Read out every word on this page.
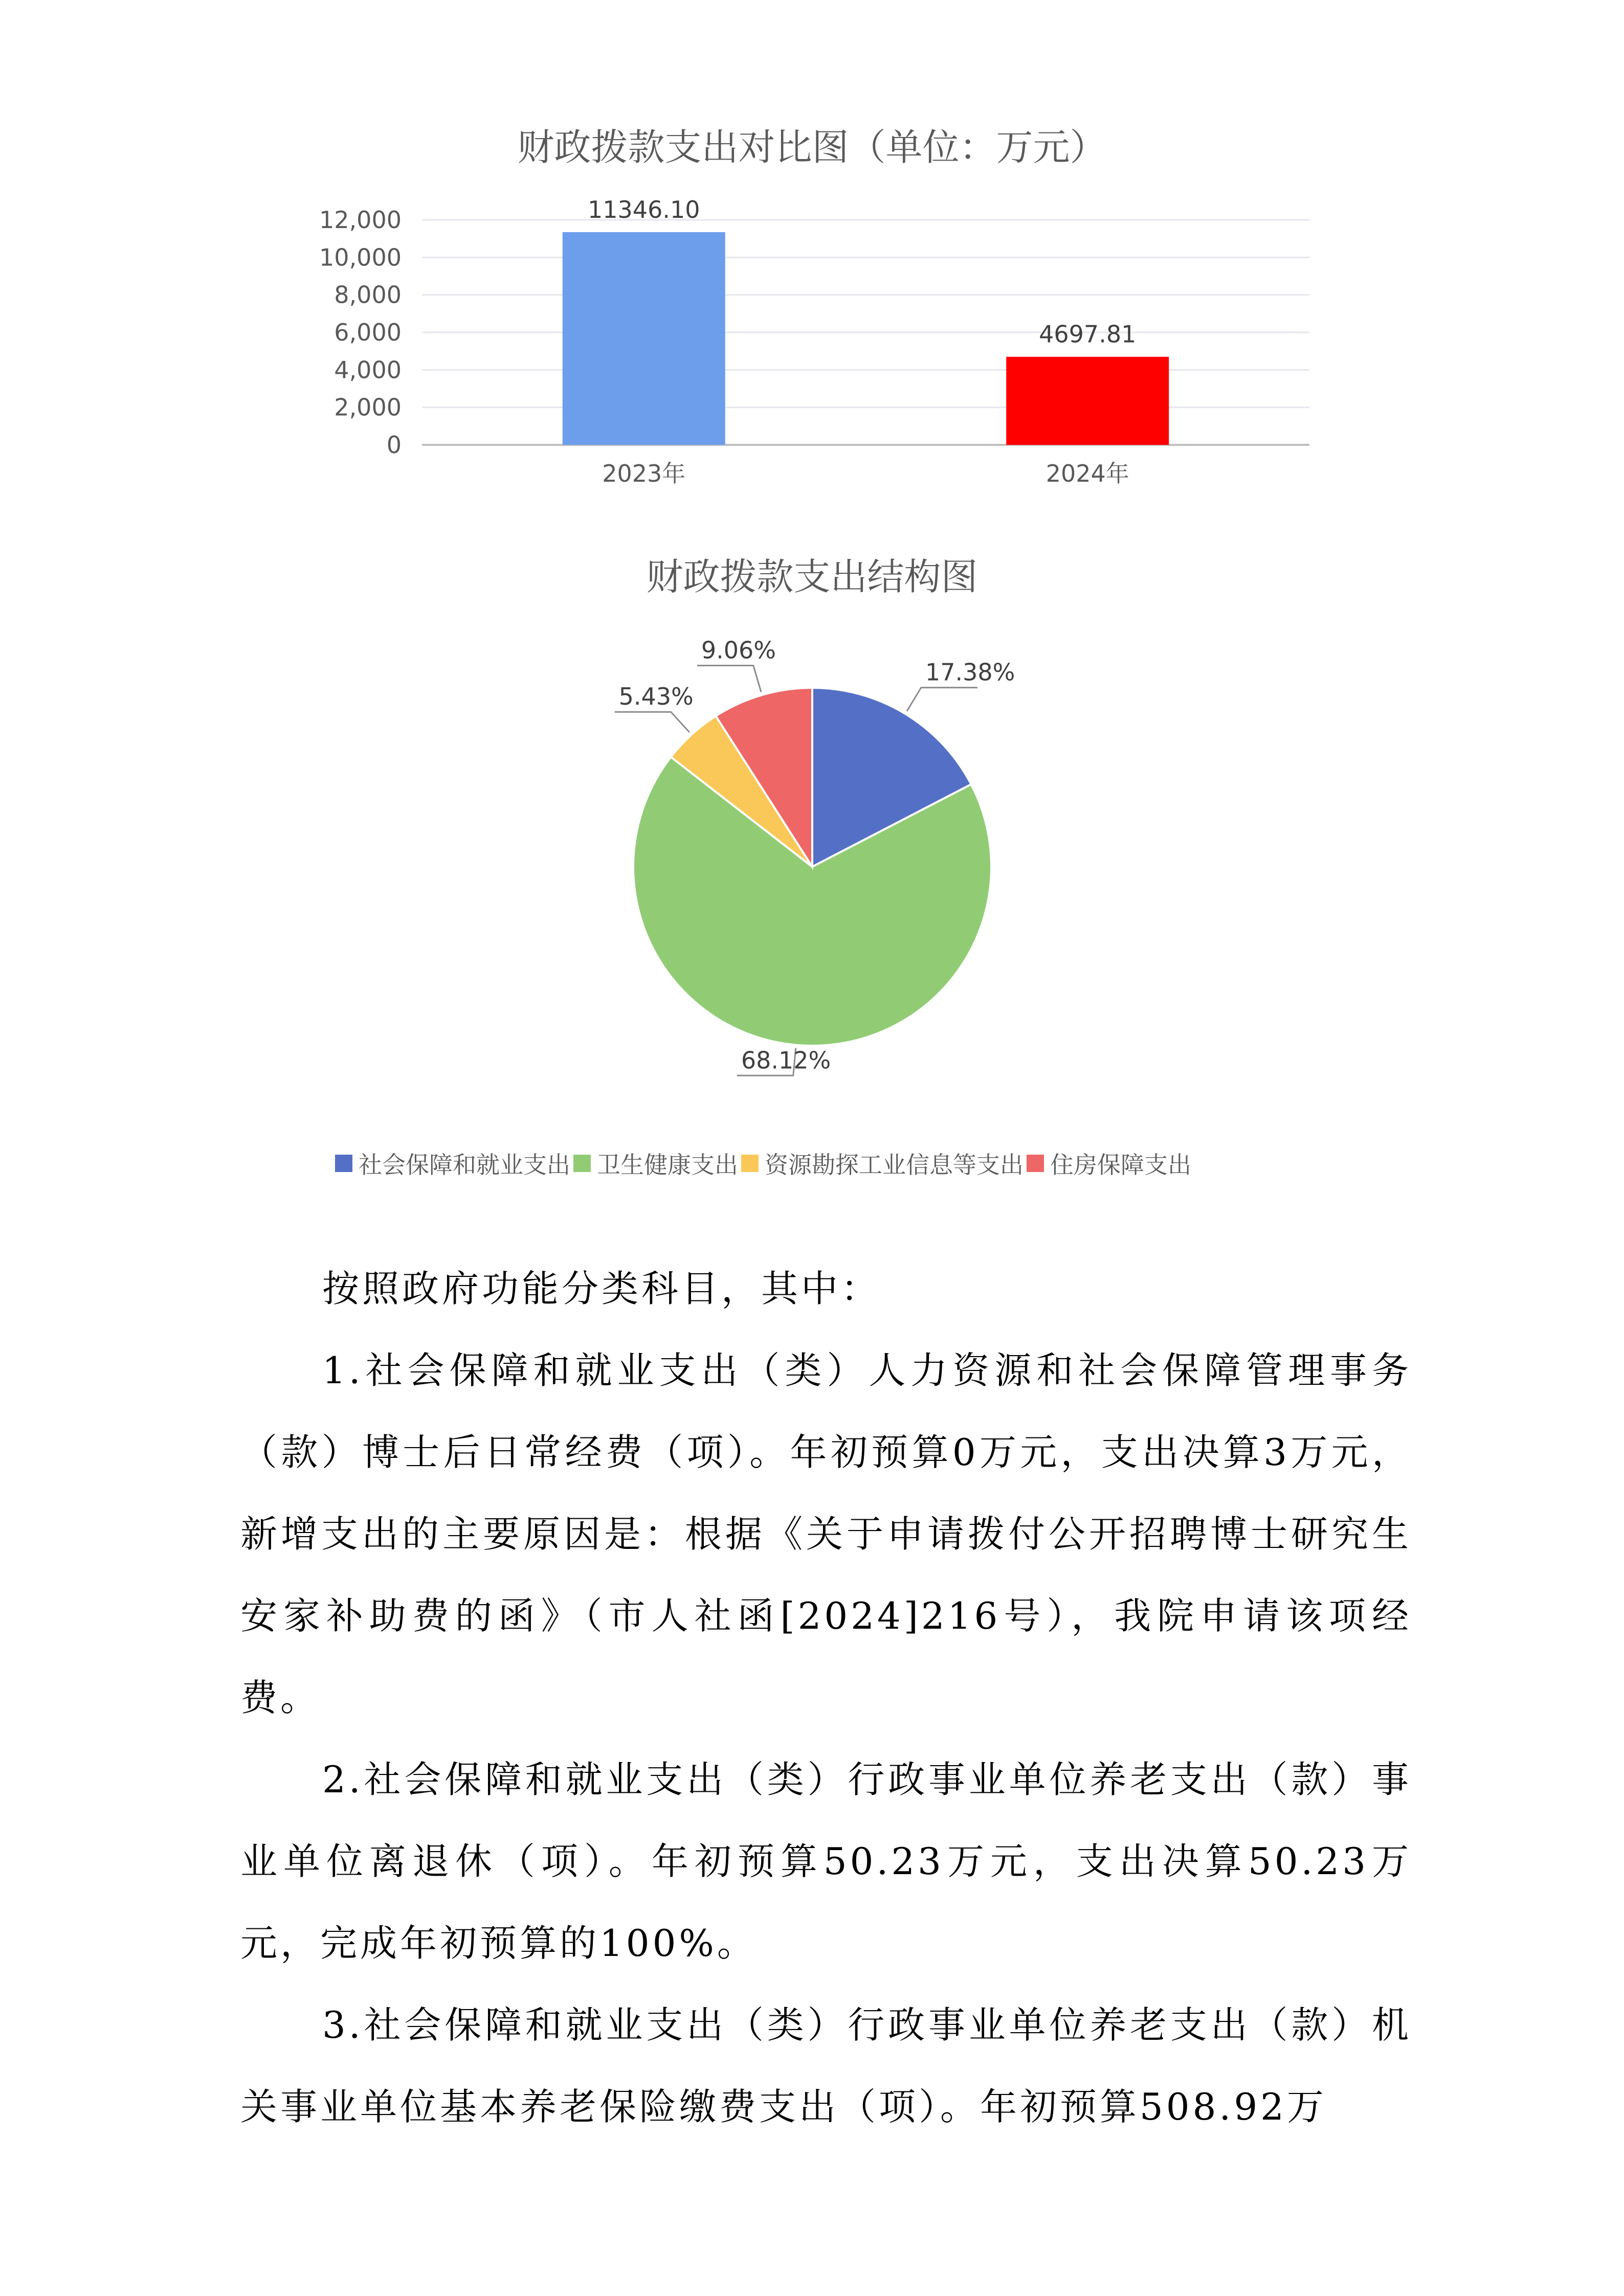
财政拨款支出对比图（单位：万元）
0
2,000
4,000
6,000
8,000
10,000
12,000	11346.10
2023年
4697.81
2024年
财政拨款支出结构图
17.38%
68.12%
5.43%
9.06%
社会保障和就业支出 卫生健康支出 资源勘探工业信息等支出 住房保障支出

按照政府功能分类科目，其中：

1.社会保障和就业支出（类）人力资源和社会保障管理事务（款）博士后日常经费（项）。年初预算0万元，支出决算3万元，新增支出的主要原因是：根据《关于申请拨付公开招聘博士研究生安家补助费的函》（市人社函[2024]216号），我院申请该项经费。

2.社会保障和就业支出（类）行政事业单位养老支出（款）事业单位离退休（项）。年初预算50.23万元，支出决算50.23万元，完成年初预算的100%。

3.社会保障和就业支出（类）行政事业单位养老支出（款）机关事业单位基本养老保险缴费支出（项）。年初预算508.92万
